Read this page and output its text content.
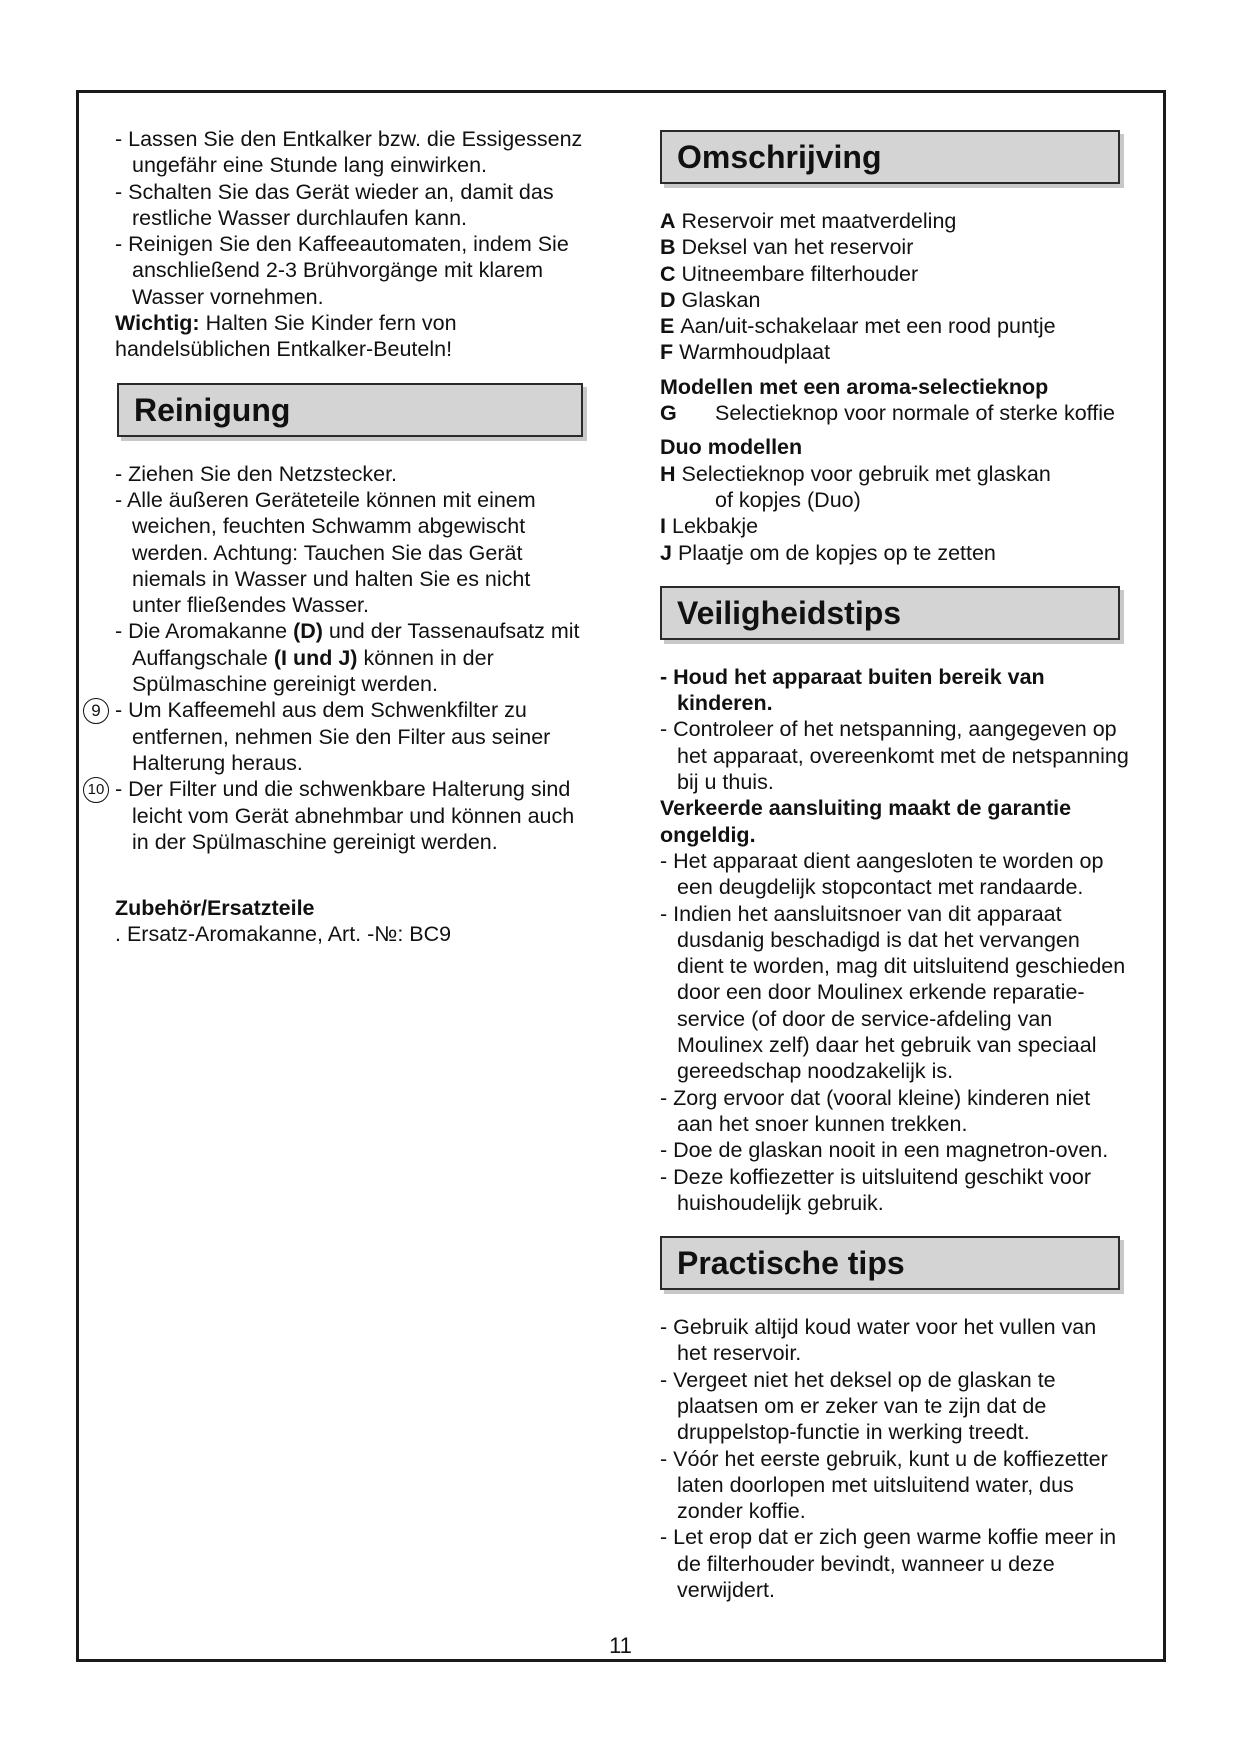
- Lassen Sie den Entkalker bzw. die Essigessenz ungefähr eine Stunde lang einwirken.

- Schalten Sie das Gerät wieder an, damit das restliche Wasser durchlaufen kann.

- Reinigen Sie den Kaffeeautomaten, indem Sie anschließend 2-3 Brühvorgänge mit klarem Wasser vornehmen.

Wichtig: Halten Sie Kinder fern von handelsüblichen Entkalker-Beuteln!

Reinigung

- Ziehen Sie den Netzstecker.

- Alle äußeren Geräteteile können mit einem weichen, feuchten Schwamm abgewischt werden. Achtung: Tauchen Sie das Gerät niemals in Wasser und halten Sie es nicht unter fließendes Wasser.

- Die Aromakanne (D) und der Tassenaufsatz mit Auffangschale (I und J) können in der Spülmaschine gereinigt werden.

9 - Um Kaffeemehl aus dem Schwenkfilter zu entfernen, nehmen Sie den Filter aus seiner Halterung heraus.

10 - Der Filter und die schwenkbare Halterung sind leicht vom Gerät abnehmbar und können auch in der Spülmaschine gereinigt werden.

Zubehör/Ersatzteile

. Ersatz-Aromakanne, Art. -№: BC9

Omschrijving
A Reservoir met maatverdeling
B Deksel van het reservoir
C Uitneembare filterhouder
D Glaskan
E Aan/uit-schakelaar met een rood puntje
F Warmhoudplaat

Modellen met een aroma-selectieknop

G	Selectieknop voor normale of sterke koffie

Duo modellen

H Selectieknop voor gebruik met glaskan

of kopjes (Duo)

I Lekbakje
J Plaatje om de kopjes op te zetten
Veiligheidstips

- Houd het apparaat buiten bereik van kinderen.

- Controleer of het netspanning, aangegeven op het apparaat, overeenkomt met de netspanning bij u thuis.

Verkeerde aansluiting maakt de garantie ongeldig.

- Het apparaat dient aangesloten te worden op een deugdelijk stopcontact met randaarde.

- Indien het aansluitsnoer van dit apparaat dusdanig beschadigd is dat het vervangen dient te worden, mag dit uitsluitend geschieden door een door Moulinex erkende reparatie-service (of door de service-afdeling van Moulinex zelf) daar het gebruik van speciaal gereedschap noodzakelijk is.

- Zorg ervoor dat (vooral kleine) kinderen niet aan het snoer kunnen trekken.

- Doe de glaskan nooit in een magnetron-oven.

- Deze koffiezetter is uitsluitend geschikt voor huishoudelijk gebruik.

Practische tips

- Gebruik altijd koud water voor het vullen van het reservoir.

- Vergeet niet het deksel op de glaskan te plaatsen om er zeker van te zijn dat de druppelstop-functie in werking treedt.

- Vóór het eerste gebruik, kunt u de koffiezetter laten doorlopen met uitsluitend water, dus zonder koffie.

- Let erop dat er zich geen warme koffie meer in de filterhouder bevindt, wanneer u deze verwijdert.

11
